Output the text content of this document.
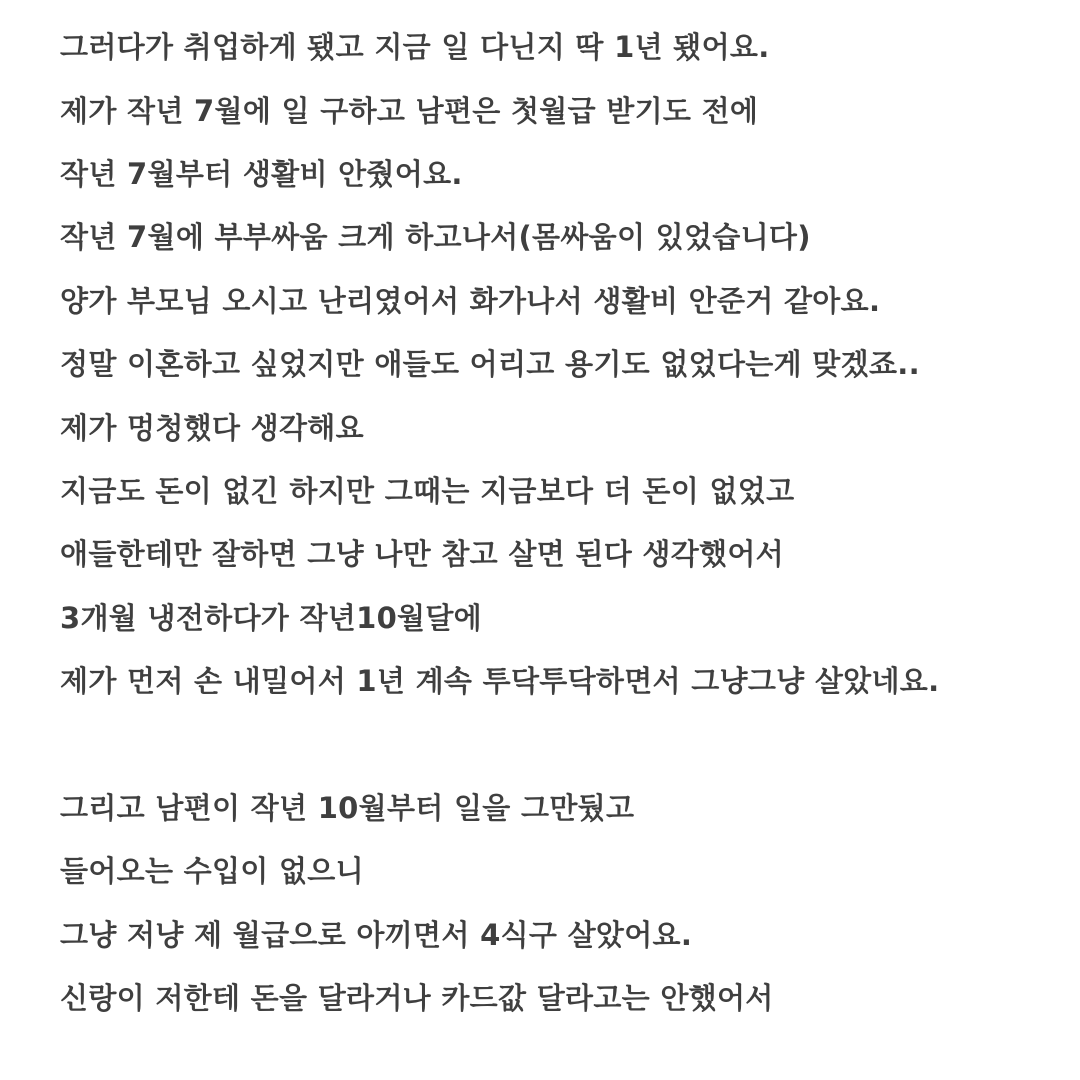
그러다가 취업하게 됐고 지금 일 다닌지 딱 1년 됐어요.
제가 작년 7월에 일 구하고 남편은 첫월급 받기도 전에
작년 7월부터 생활비 안줬어요.
작년 7월에 부부싸움 크게 하고나서(몸싸움이 있었습니다)
양가 부모님 오시고 난리였어서 화가나서 생활비 안준거 같아요.
정말 이혼하고 싶었지만 애들도 어리고 용기도 없었다는게 맞겠죠..
제가 멍청했다 생각해요
지금도 돈이 없긴 하지만 그때는 지금보다 더 돈이 없었고
애들한테만 잘하면 그냥 나만 참고 살면 된다 생각했어서
3개월 냉전하다가 작년10월달에
제가 먼저 손 내밀어서 1년 계속 투닥투닥하면서 그냥그냥 살았네요.
그리고 남편이 작년 10월부터 일을 그만뒀고
들어오는 수입이 없으니
그냥 저냥 제 월급으로 아끼면서 4식구 살았어요.
신랑이 저한테 돈을 달라거나 카드값 달라고는 안했어서
